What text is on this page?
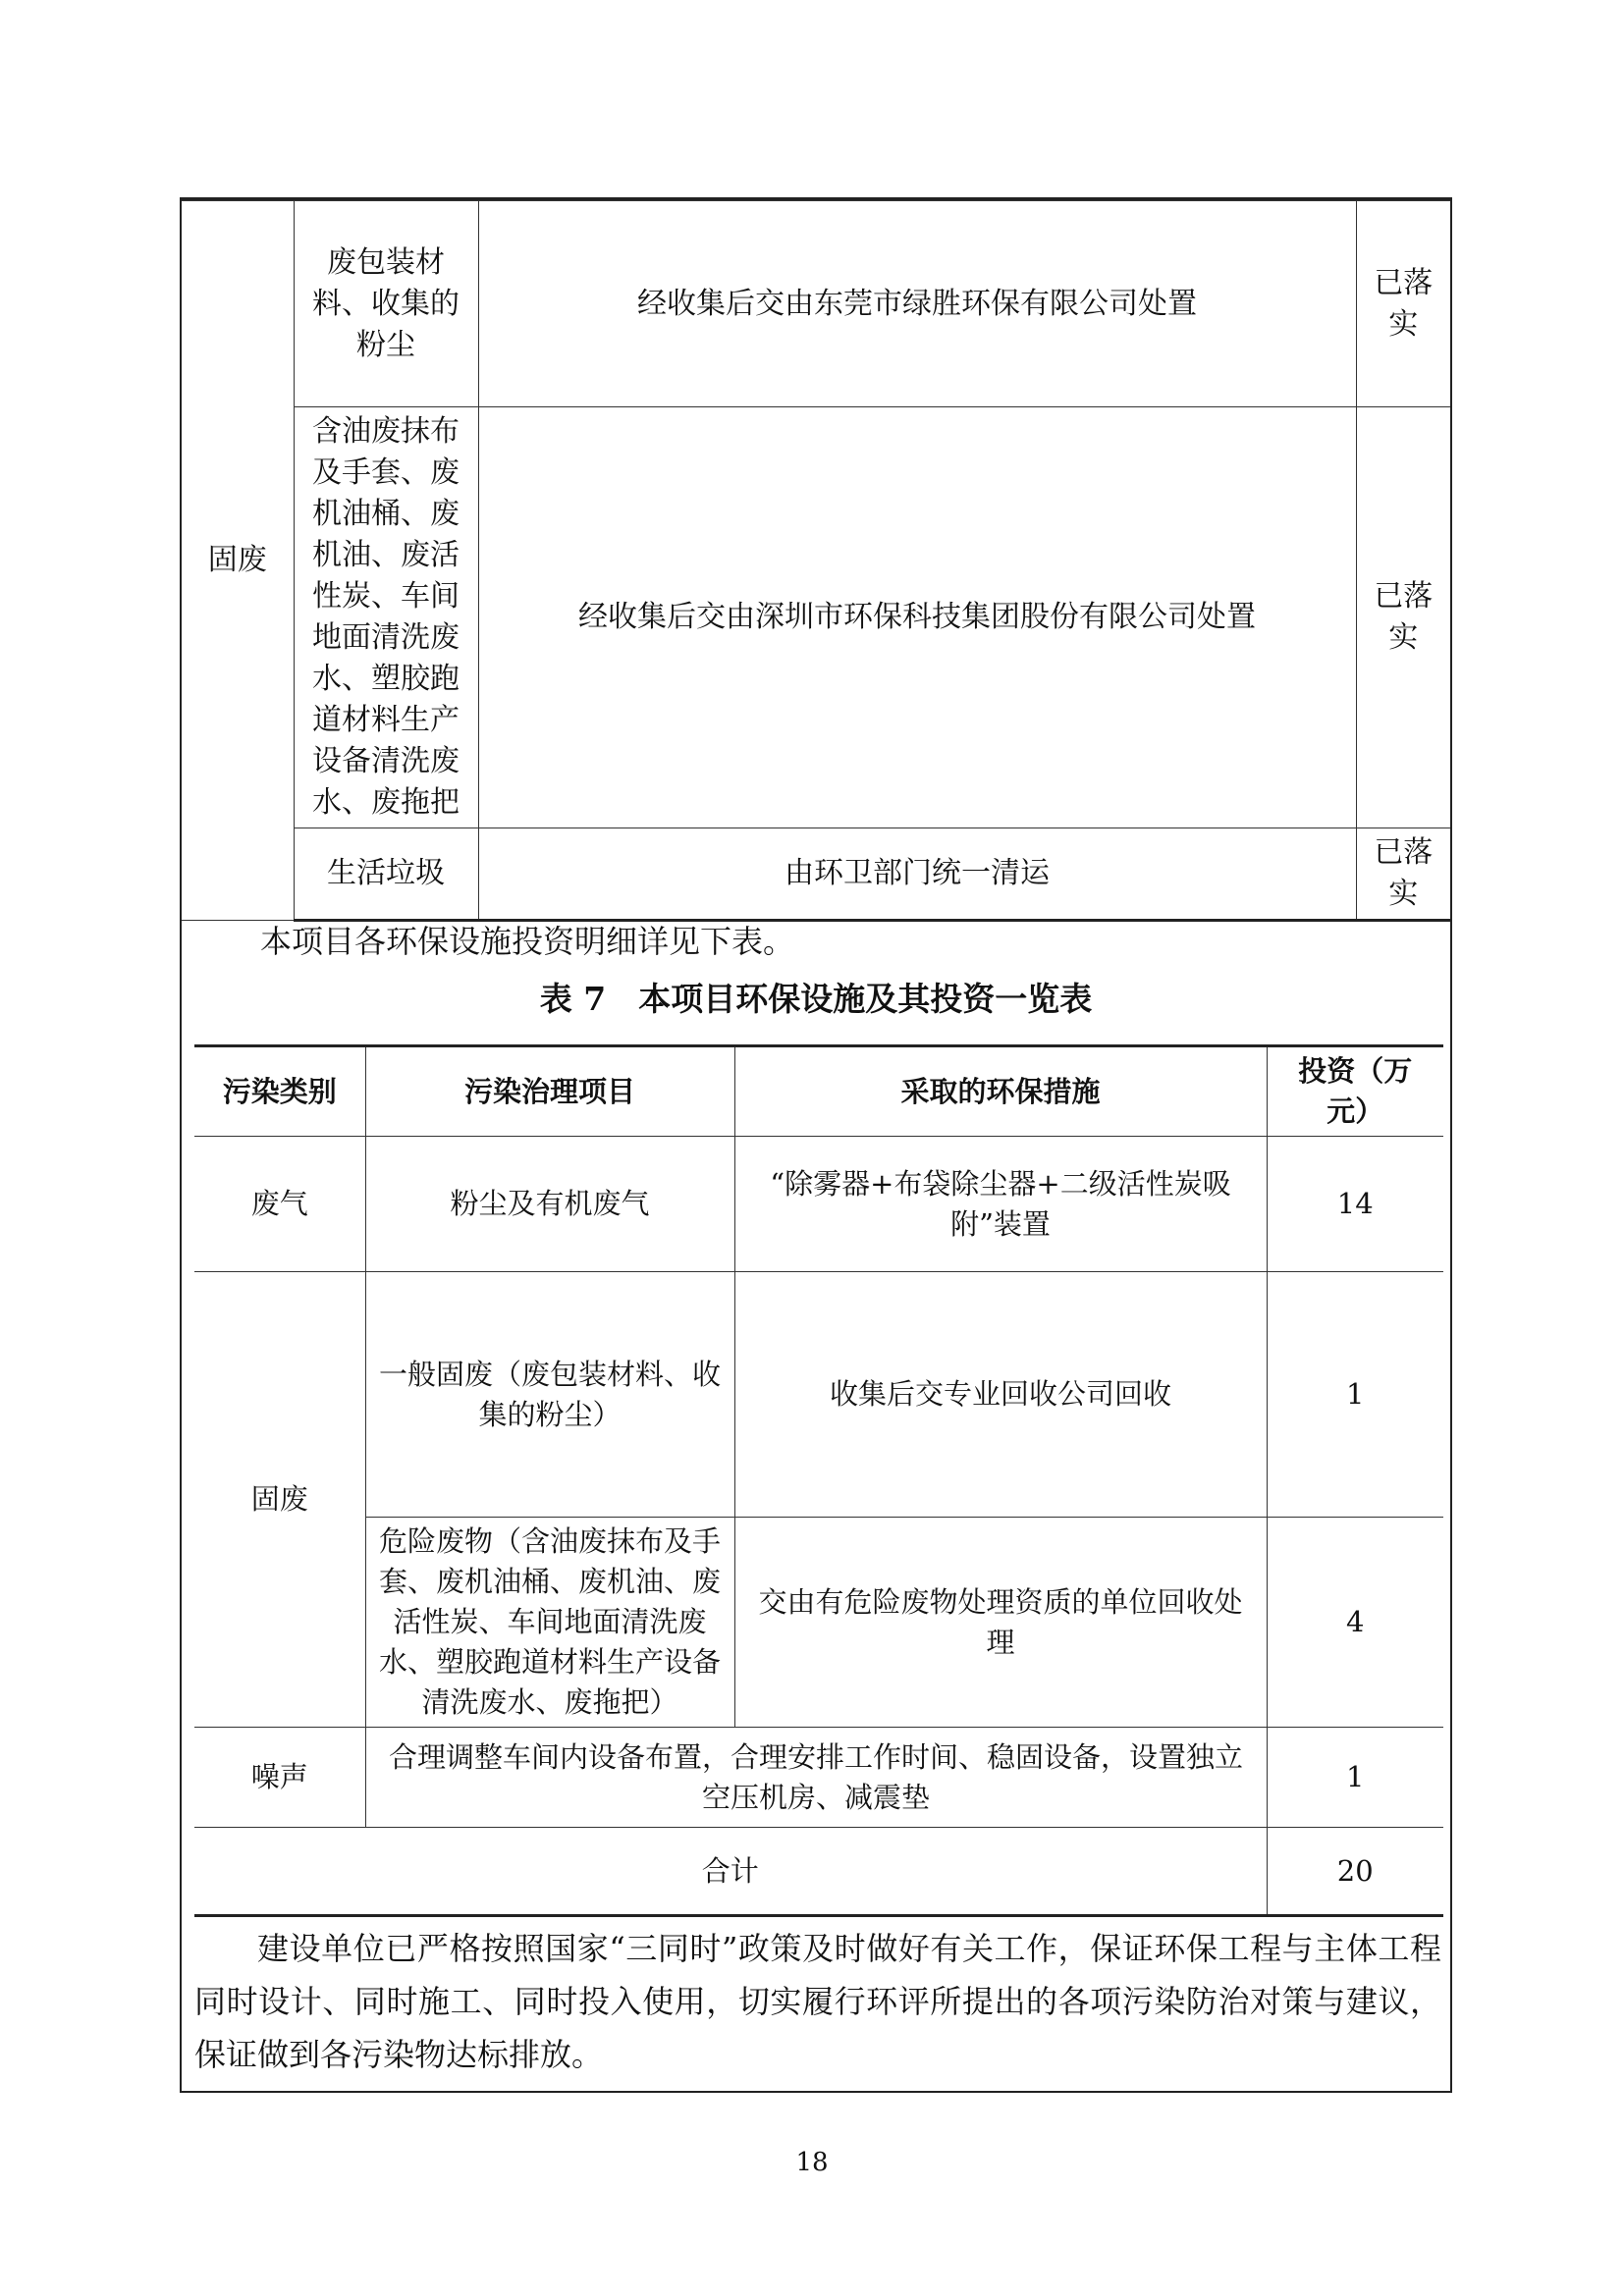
固废	废包装材料、收集的粉尘	经收集后交由东莞市绿胜环保有限公司处置	已落实
	含油废抹布及手套、废机油桶、废机油、废活性炭、车间地面清洗废水、塑胶跑道材料生产设备清洗废水、废拖把	经收集后交由深圳市环保科技集团股份有限公司处置	已落实
	生活垃圾	由环卫部门统一清运	已落实
本项目各环保设施投资明细详见下表。
表 7　本项目环保设施及其投资一览表
污染类别	污染治理项目	采取的环保措施	投资（万元）
废气	粉尘及有机废气	“除雾器+布袋除尘器+二级活性炭吸附”装置	14
固废	一般固废（废包装材料、收集的粉尘）	收集后交专业回收公司回收	1
	危险废物（含油废抹布及手套、废机油桶、废机油、废活性炭、车间地面清洗废水、塑胶跑道材料生产设备清洗废水、废拖把）	交由有危险废物处理资质的单位回收处理	4
噪声	合理调整车间内设备布置，合理安排工作时间、稳固设备，设置独立空压机房、减震垫		1
合计			20
建设单位已严格按照国家“三同时”政策及时做好有关工作，保证环保工程与主体工程同时设计、同时施工、同时投入使用，切实履行环评所提出的各项污染防治对策与建议，保证做到各污染物达标排放。
18
